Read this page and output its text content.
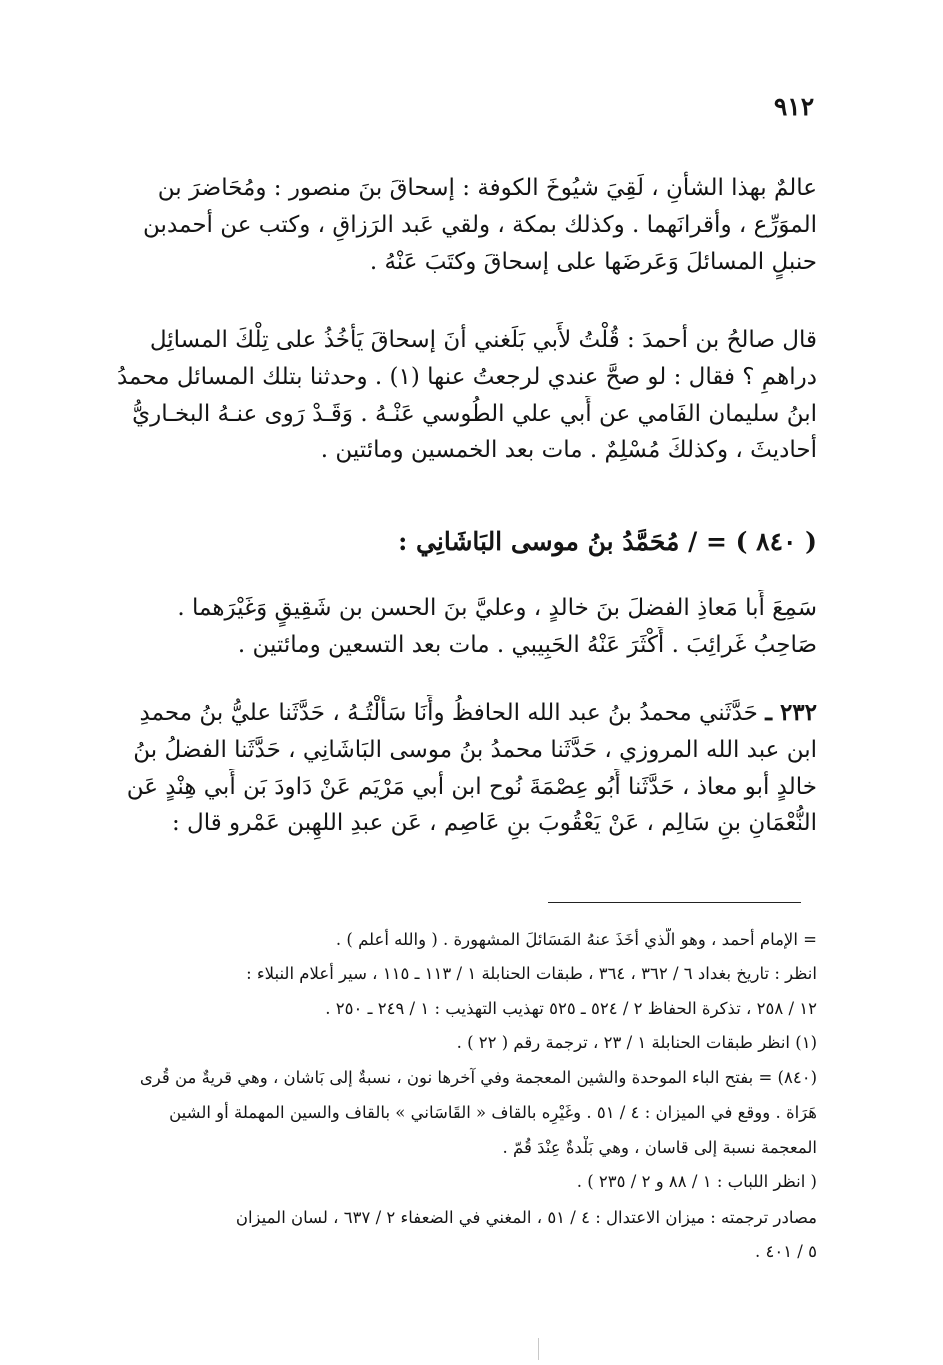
٩١٢
عالمٌ بهذا الشأنِ ، لَقِيَ شيُوخَ الكوفة : إسحاقَ بنَ منصور : ومُحَاضرَ بن
الموَرِّع ، وأقرانَهما . وكذلك بمكة ، ولقي عَبد الرَزاقِ ، وكتب عن أحمدبن
حنبلٍ المسائلَ وَعَرضَها على إسحاقَ وكتَبَ عَنْهُ .
قال صالحُ بن أحمدَ : قُلْتُ لأَبي بَلَغني أنَ إسحاقَ يَأْخُذُ على تِلْكَ المسائِل
دراهمِ ؟ فقال : لو صحَّ عندي لرجعتُ عنها (١) . وحدثنا بتلك المسائل محمدُ
ابنُ سليمان الفَامي عن أَبي علي الطُوسي عَنْـهُ . وَقَـدْ رَوى عنـهُ البخـاريُّ
أحاديثَ ، وكذلكَ مُسْلِمٌ . مات بعد الخمسين ومائتين .
( ٨٤٠ ) = / مُحَمَّدُ بنُ موسى البَاشَانِي :
سَمِعَ أَبا مَعاذِ الفضلَ بنَ خالدٍ ، وعليَّ بنَ الحسن بن شَقِيقٍ وَغَيْرَهما .
صَاحِبُ غَرائِبَ . أَكْثَرَ عَنْهُ الحَبِيبي . مات بعد التسعين ومائتين .
٢٣٢ ـ حَدَّثَني محمدُ بنُ عبد الله الحافظُ وأَنَا سَأَلْتُـهُ ، حَدَّثَنا عليُّ بنُ محمدِ
ابن عبد الله المروزي ، حَدَّثَنا محمدُ بنُ موسى البَاشَانِي ، حَدَّثَنا الفضلُ بنُ
خالدٍ أبو معاذ ، حَدَّثَنا أَبُو عِصْمَةَ نُوح ابن أبي مَرْيَم عَنْ دَاودَ بَن أَبي هِنْدٍ عَن
النُّعْمَانِ بنِ سَالِم ، عَنْ يَعْقُوبَ بنِ عَاصِم ، عَن عبدِ اللهِبن عَمْرو قال :
= الإمام أحمد ، وهو الَّذي أَخَذَ عنهُ المَسَائلَ المشهورة . ( والله أعلم ) .
انظر : تاريخ بغداد ٦ / ٣٦٢ ، ٣٦٤ ، طبقات الحنابلة ١ / ١١٣ ـ ١١٥ ، سير أعلام النبلاء :
١٢ / ٢٥٨ ، تذكرة الحفاظ ٢ / ٥٢٤ ـ ٥٢٥ تهذيب التهذيب : ١ / ٢٤٩ ـ ٢٥٠ .
(١) انظر طبقات الحنابلة ١ / ٢٣ ، ترجمة رقم ( ٢٢ ) .
(٨٤٠) = بفتح الباء الموحدة والشين المعجمة وفي آخرها نون ، نسبةٌ إلى بَاشان ، وهي قريةٌ من قُرى
هَرَاة . ووقع في الميزان : ٤ / ٥١ . وغَيْرِه بالقاف « القَاسَاني » بالقاف والسين المهملة أو الشين
المعجمة نسبة إلى قاسان ، وهي بَلْدةٌ عِنْدَ قُمّ .
( انظر اللباب : ١ / ٨٨ و ٢ / ٢٣٥ ) .
مصادر ترجمته : ميزان الاعتدال : ٤ / ٥١ ، المغني في الضعفاء ٢ / ٦٣٧ ، لسان الميزان
٥ / ٤٠١ .
